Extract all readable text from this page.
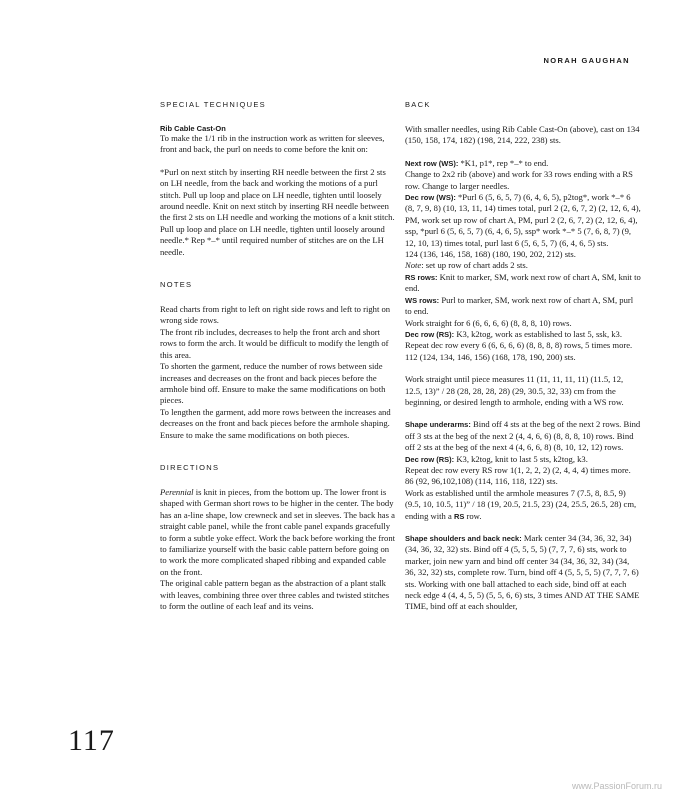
NORAH GAUGHAN
SPECIAL TECHNIQUES
Rib Cable Cast-On

To make the 1/1 rib in the instruction work as written for sleeves, front and back, the purl on needs to come before the knit on:

*Purl on next stitch by inserting RH needle between the first 2 sts on LH needle, from the back and working the motions of a purl stitch. Pull up loop and place on LH needle, tighten until loosely around needle. Knit on next stitch by inserting RH needle between the first 2 sts on LH needle and working the motions of a knit stitch. Pull up loop and place on LH needle, tighten until loosely around needle.* Rep *–* until required number of stitches are on the LH needle.

NOTES

Read charts from right to left on right side rows and left to right on wrong side rows.

The front rib includes, decreases to help the front arch and short rows to form the arch. It would be difficult to modify the length of this area.

To shorten the garment, reduce the number of rows between side increases and decreases on the front and back pieces before the armhole bind off. Ensure to make the same modifications on both pieces.

To lengthen the garment, add more rows between the increases and decreases on the front and back pieces before the armhole shaping. Ensure to make the same modifications on both pieces.

DIRECTIONS

Perennial is knit in pieces, from the bottom up. The lower front is shaped with German short rows to be higher in the center. The body has an a-line shape, low crewneck and set in sleeves. The back has a straight cable panel, while the front cable panel expands gracefully to form a subtle yoke effect. Work the back before working the front to familiarize yourself with the basic cable pattern before going on to work the more complicated shaped ribbing and expanded cable on the front.

The original cable pattern began as the abstraction of a plant stalk with leaves, combining three over three cables and twisted stitches to form the outline of each leaf and its veins.

BACK

With smaller needles, using Rib Cable Cast-On (above), cast on 134 (150, 158, 174, 182) (198, 214, 222, 238) sts.

Next row (WS): *K1, p1*, rep *–* to end.

Change to 2x2 rib (above) and work for 33 rows ending with a RS row. Change to larger needles.

Dec row (WS): *Purl 6 (5, 6, 5, 7) (6, 4, 6, 5), p2tog*, work *–* 6 (8, 7, 9, 8) (10, 13, 11, 14) times total, purl 2 (2, 6, 7, 2) (2, 12, 6, 4), PM, work set up row of chart A, PM, purl 2 (2, 6, 7, 2) (2, 12, 6, 4), ssp, *purl 6 (5, 6, 5, 7) (6, 4, 6, 5), ssp* work *–* 5 (7, 6, 8, 7) (9, 12, 10, 13) times total, purl last 6 (5, 6, 5, 7) (6, 4, 6, 5) sts.

124 (136, 146, 158, 168) (180, 190, 202, 212) sts.

Note: set up row of chart adds 2 sts.

RS rows: Knit to marker, SM, work next row of chart A, SM, knit to end.

WS rows: Purl to marker, SM, work next row of chart A, SM, purl to end.

Work straight for 6 (6, 6, 6, 6) (8, 8, 8, 10) rows.

Dec row (RS): K3, k2tog, work as established to last 5, ssk, k3.

Repeat dec row every 6 (6, 6, 6, 6) (8, 8, 8, 8) rows, 5 times more.

112 (124, 134, 146, 156) (168, 178, 190, 200) sts.

Work straight until piece measures 11 (11, 11, 11, 11) (11.5, 12, 12.5, 13)” / 28 (28, 28, 28, 28) (29, 30.5, 32, 33) cm from the beginning, or desired length to armhole, ending with a WS row.

Shape underarms: Bind off 4 sts at the beg of the next 2 rows. Bind off 3 sts at the beg of the next 2 (4, 4, 6, 6) (8, 8, 8, 10) rows. Bind off 2 sts at the beg of the next 4 (4, 6, 6, 8) (8, 10, 12, 12) rows.

Dec row (RS): K3, k2tog, knit to last 5 sts, k2tog, k3.

Repeat dec row every RS row 1(1, 2, 2, 2) (2, 4, 4, 4) times more.

86 (92, 96,102,108) (114, 116, 118, 122) sts.

Work as established until the armhole measures 7 (7.5, 8, 8.5, 9) (9.5, 10, 10.5, 11)” / 18 (19, 20.5, 21.5, 23) (24, 25.5, 26.5, 28) cm, ending with a RS row.

Shape shoulders and back neck: Mark center 34 (34, 36, 32, 34) (34, 36, 32, 32) sts. Bind off 4 (5, 5, 5, 5) (7, 7, 7, 6) sts, work to marker, join new yarn and bind off center 34 (34, 36, 32, 34) (34, 36, 32, 32) sts, complete row. Turn, bind off 4 (5, 5, 5, 5) (7, 7, 7, 6) sts. Working with one ball attached to each side, bind off at each neck edge 4 (4, 4, 5, 5) (5, 5, 6, 6) sts, 3 times AND AT THE SAME TIME, bind off at each shoulder,

117
www.PassionForum.ru
